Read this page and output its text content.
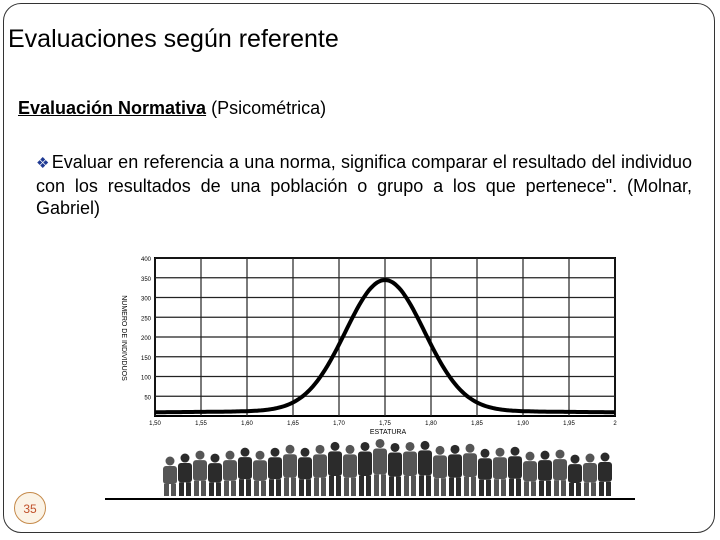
Evaluaciones según referente
Evaluación Normativa (Psicométrica)
❖ Evaluar en referencia a una norma, significa comparar el resultado del individuo con los resultados de una población o grupo a los que pertenece". (Molnar, Gabriel)
400
350
300
250
200
150
100
50
1,50	1,55	1,60	1,65	1,70	1,75	1,80	1,85	1,90	1,95	2
NUMERO DE INDIVIDUOS
ESTATURA
35
